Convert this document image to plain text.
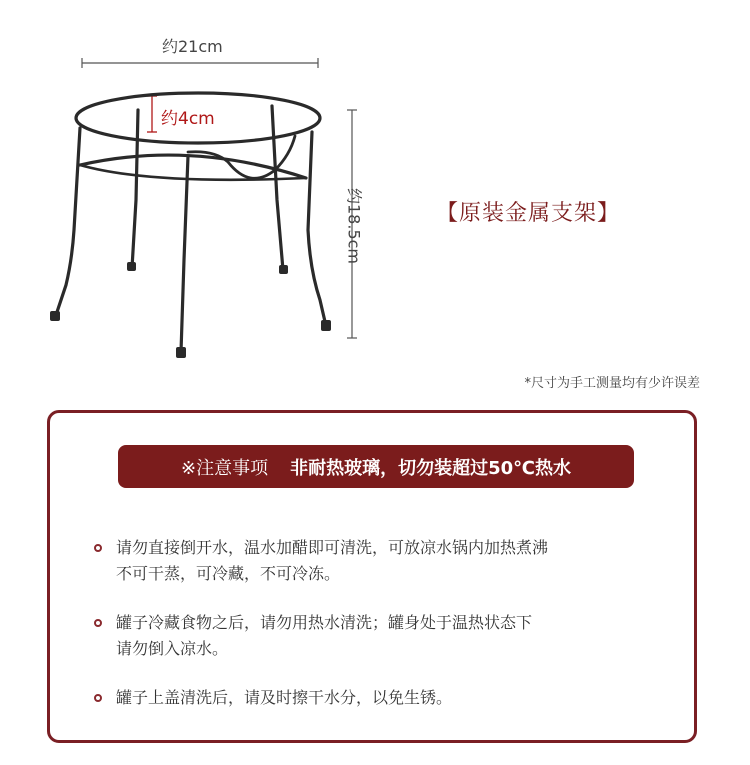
约21cm
约4cm
约18.5cm	【原装金属支架】
*尺寸为手工测量均有少许误差
※注意事项 非耐热玻璃，切勿装超过50℃热水
请勿直接倒开水，温水加醋即可清洗，可放凉水锅内加热煮沸
不可干蒸，可冷藏，不可冷冻。
罐子冷藏食物之后，请勿用热水清洗；罐身处于温热状态下
请勿倒入凉水。
罐子上盖清洗后，请及时擦干水分，以免生锈。
